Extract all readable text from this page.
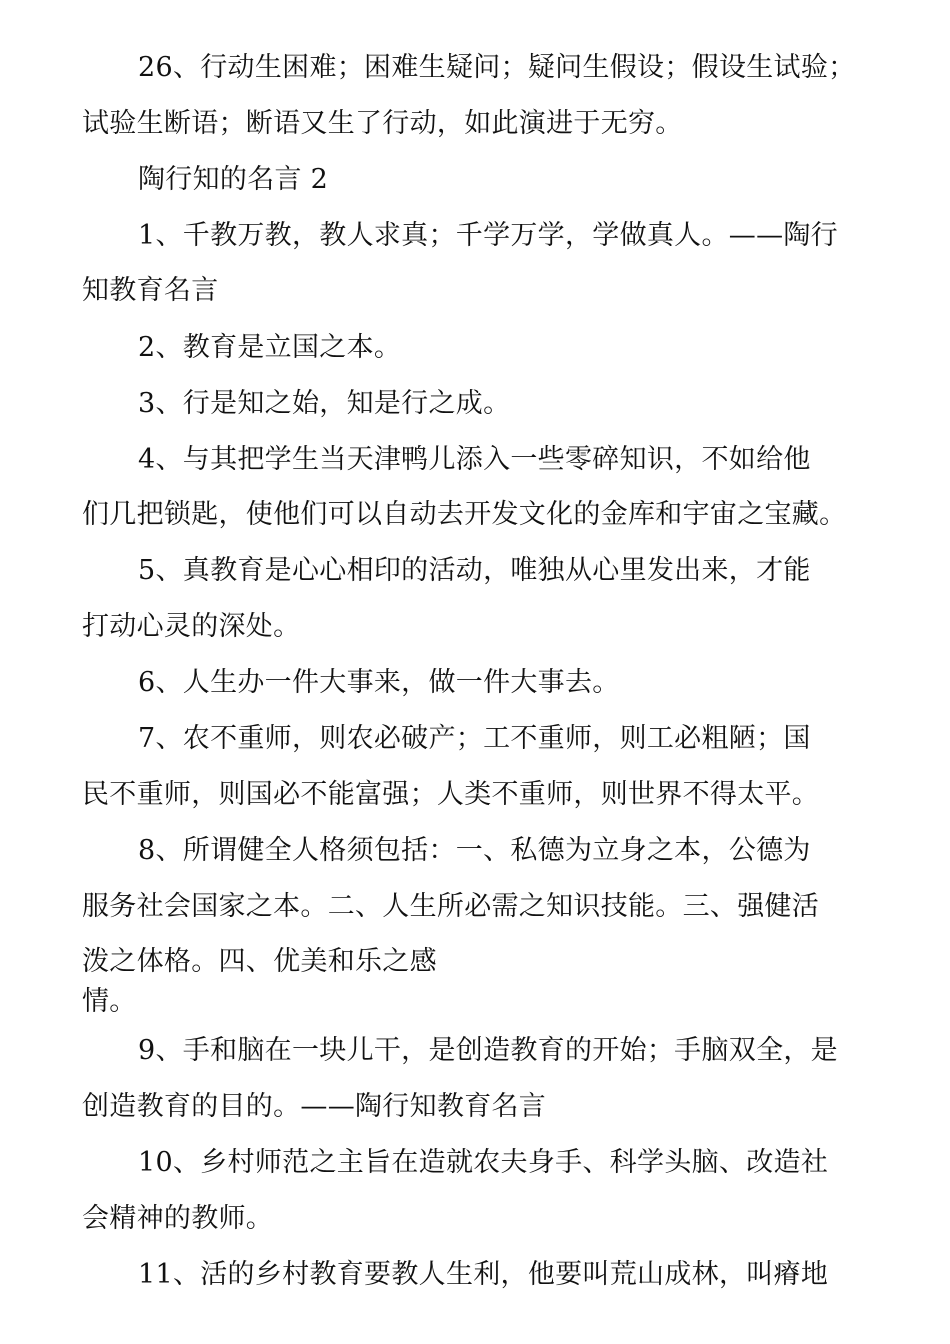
26、行动生困难；困难生疑问；疑问生假设；假设生试验；
试验生断语；断语又生了行动，如此演进于无穷。
陶行知的名言 2
1、千教万教，教人求真；千学万学，学做真人。——陶行
知教育名言
2、教育是立国之本。
3、行是知之始，知是行之成。
4、与其把学生当天津鸭儿添入一些零碎知识，不如给他
们几把锁匙，使他们可以自动去开发文化的金库和宇宙之宝藏。
5、真教育是心心相印的活动，唯独从心里发出来，才能
打动心灵的深处。
6、人生办一件大事来，做一件大事去。
7、农不重师，则农必破产；工不重师，则工必粗陋；国
民不重师，则国必不能富强；人类不重师，则世界不得太平。
8、所谓健全人格须包括：一、私德为立身之本，公德为
服务社会国家之本。二、人生所必需之知识技能。三、强健活
泼之体格。四、优美和乐之感
情。
9、手和脑在一块儿干，是创造教育的开始；手脑双全，是
创造教育的目的。——陶行知教育名言
10、乡村师范之主旨在造就农夫身手、科学头脑、改造社
会精神的教师。
11、活的乡村教育要教人生利，他要叫荒山成林，叫瘠地
